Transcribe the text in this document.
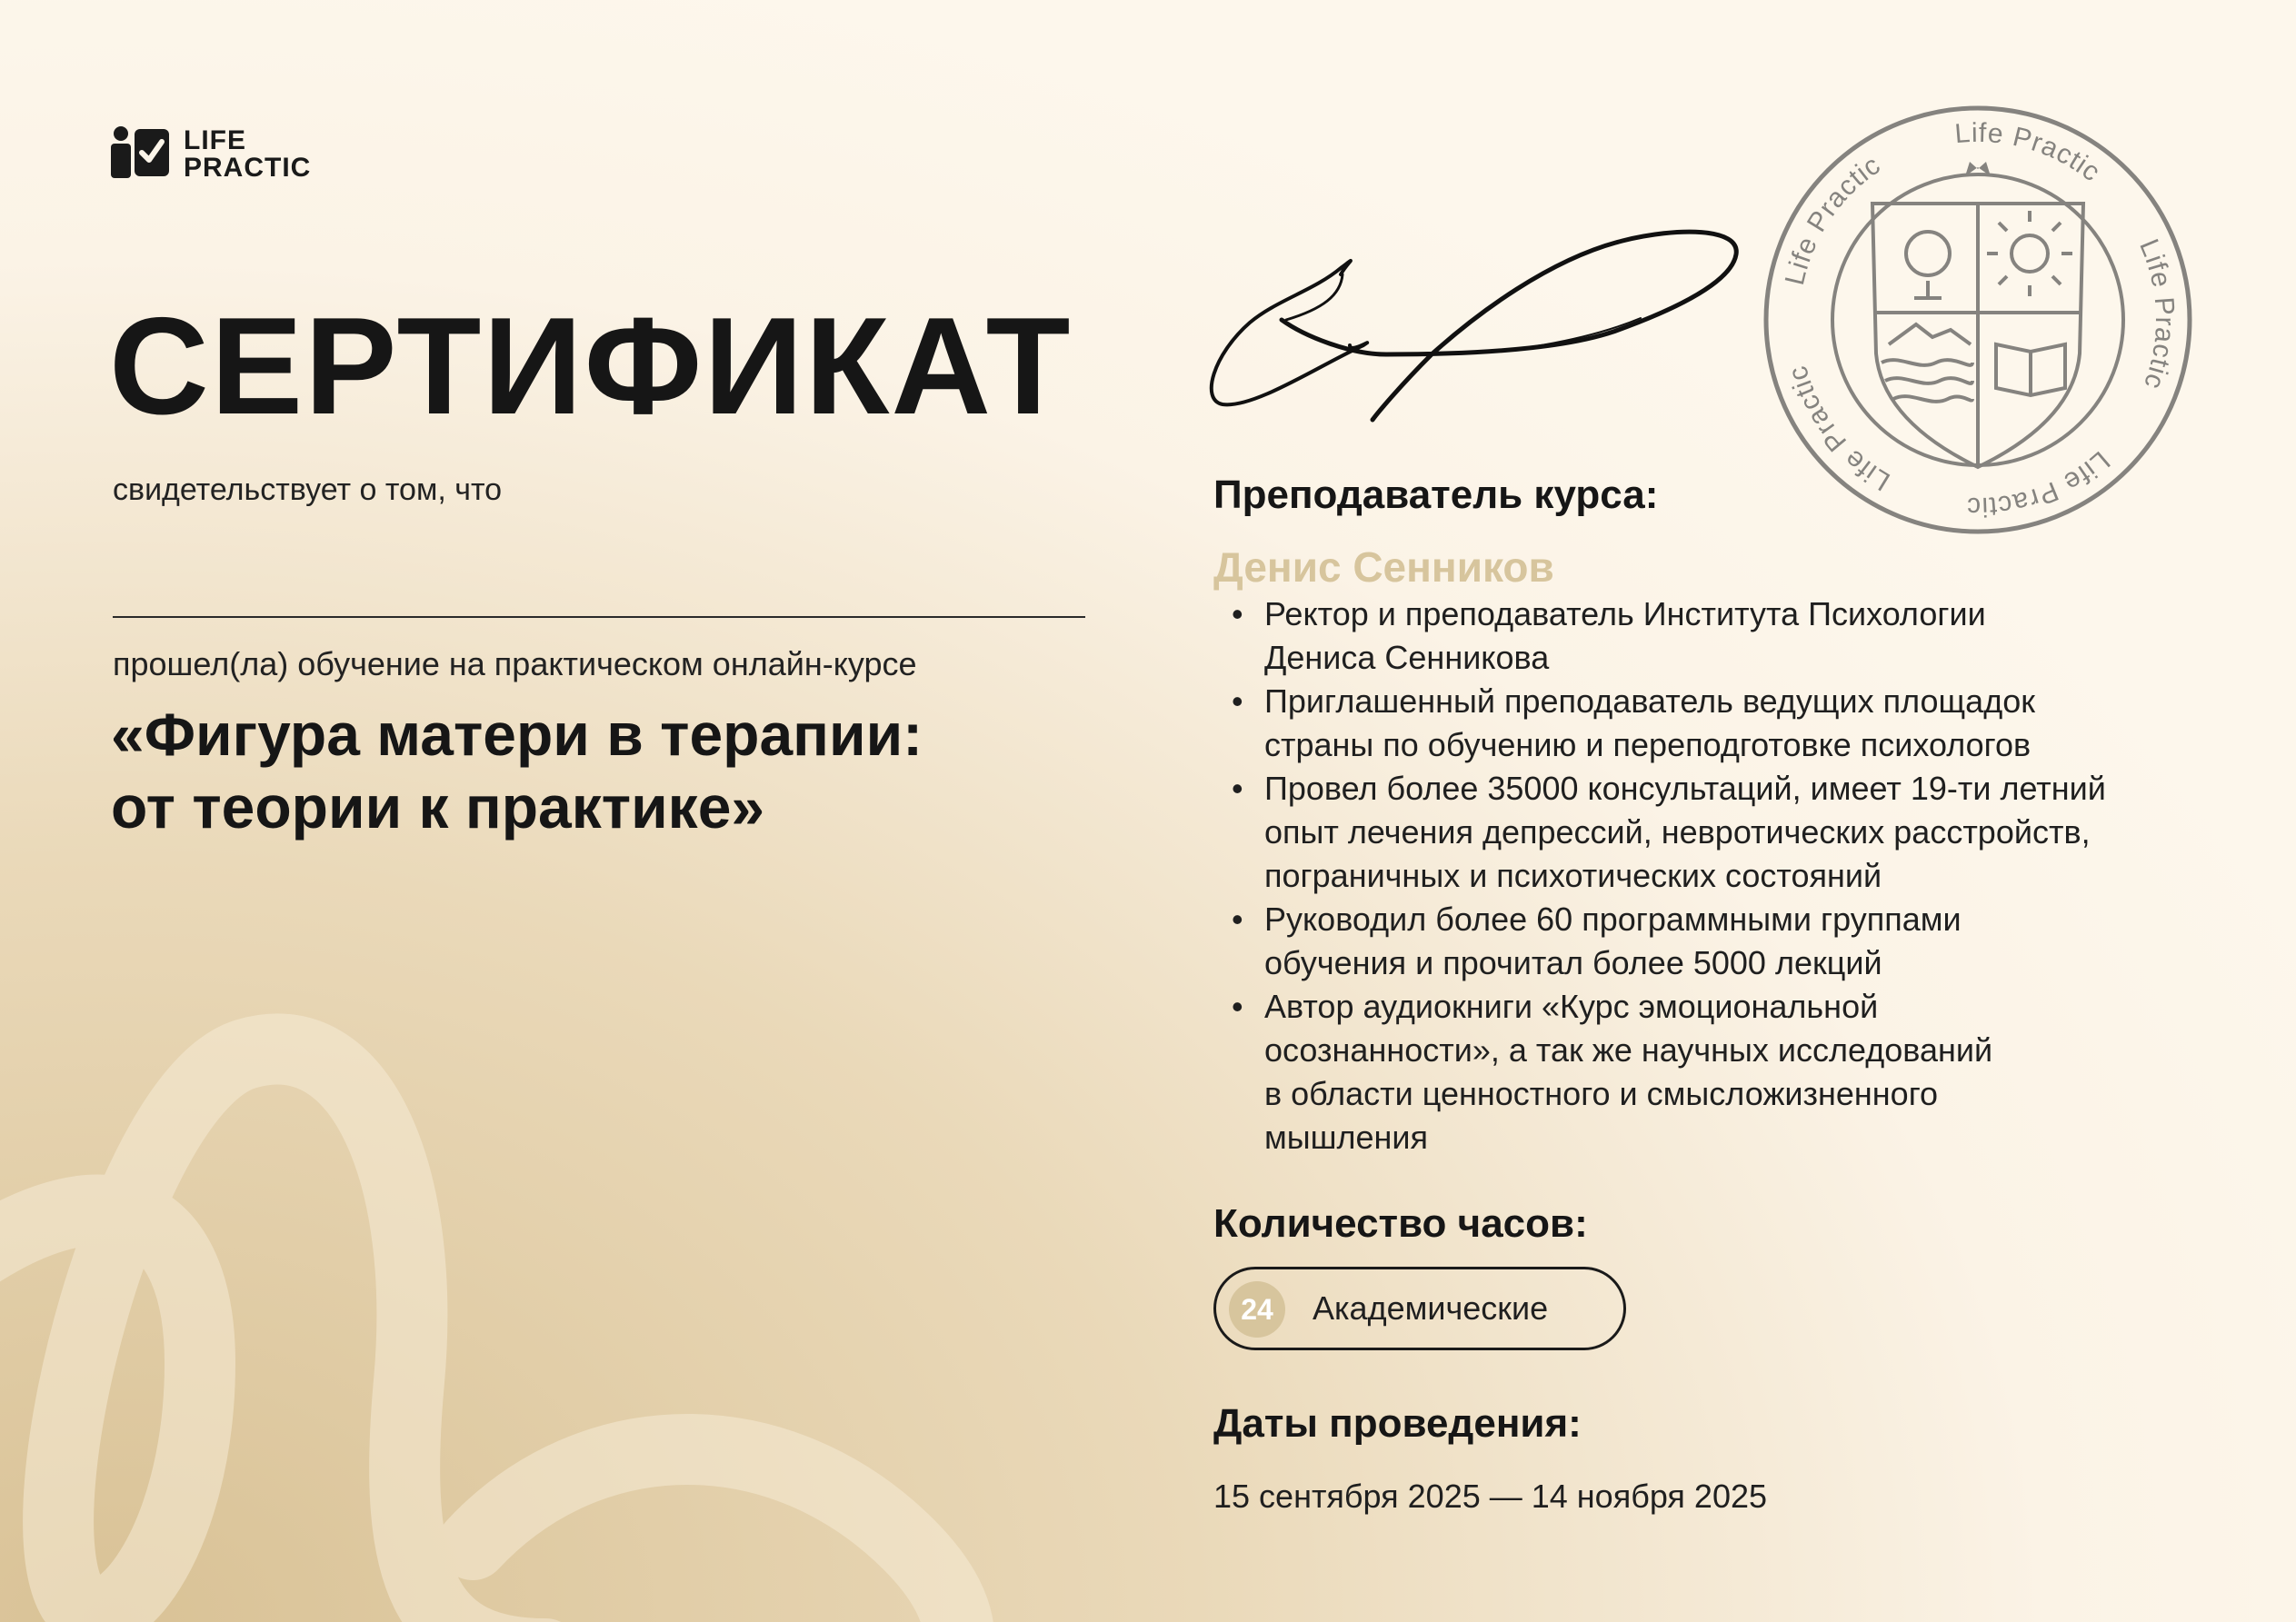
LIFE
PRACTIC
СЕРТИФИКАТ
свидетельствует о том, что
прошел(ла) обучение на практическом онлайн-курсе
«Фигура матери в терапии:
от теории к практике»
Life Practic
Life Practic
Life Practic
Life Practic
Life Practic
Преподаватель курса:
Денис Сенников
• Ректор и преподаватель Института Психологии
Дениса Сенникова
• Приглашенный преподаватель ведущих площадок
страны по обучению и переподготовке психологов
• Провел более 35000 консультаций, имеет 19-ти летний
опыт лечения депрессий, невротических расстройств,
пограничных и психотических состояний
• Руководил более 60 программными группами
обучения и прочитал более 5000 лекций
• Автор аудиокниги «Курс эмоциональной
осознанности», а так же научных исследований
в области ценностного и смысложизненного
мышления
Количество часов:
24	Академические
Даты проведения:
15 сентября 2025 — 14 ноября 2025
